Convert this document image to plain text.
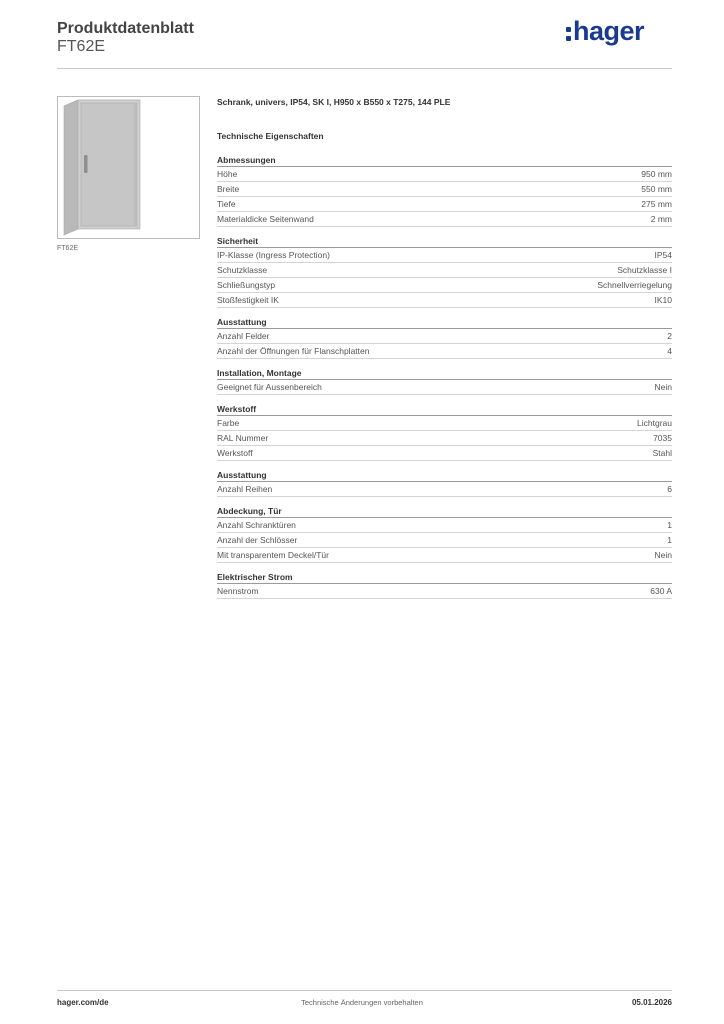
Produktdatenblatt
FT62E
hager
FT62E
Schrank, univers, IP54, SK I, H950 x B550 x T275, 144 PLE
Technische Eigenschaften
Abmessungen
Höhe	950 mm
Breite	550 mm
Tiefe	275 mm
Materialdicke Seitenwand	2 mm
Sicherheit
IP-Klasse (Ingress Protection)	IP54
Schutzklasse	Schutzklasse I
Schließungstyp	Schnellverriegelung
Stoßfestigkeit IK	IK10
Ausstattung
Anzahl Felder	2
Anzahl der Öffnungen für Flanschplatten	4
Installation, Montage
Geeignet für Aussenbereich	Nein
Werkstoff
Farbe	Lichtgrau
RAL Nummer	7035
Werkstoff	Stahl
Ausstattung
Anzahl Reihen	6
Abdeckung, Tür
Anzahl Schranktüren	1
Anzahl der Schlösser	1
Mit transparentem Deckel/Tür	Nein
Elektrischer Strom
Nennstrom	630 A
hager.com/de	Technische Änderungen vorbehalten	05.01.2026
